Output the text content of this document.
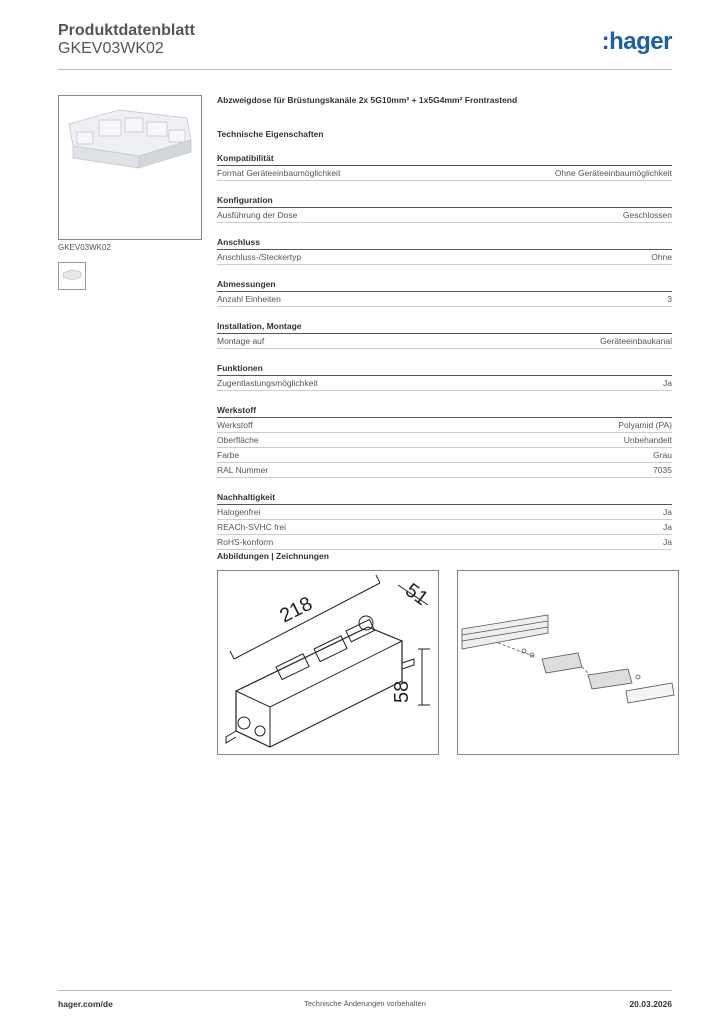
Produktdatenblatt
GKEV03WK02	:hager
GKEV03WK02
Abzweigdose für Brüstungskanäle 2x 5G10mm² + 1x5G4mm² Frontrastend
Technische Eigenschaften
Kompatibilität
Format Geräteeinbaumöglichkeit	Ohne Geräteeinbaumöglichkeit
Konfiguration
Ausführung der Dose	Geschlossen
Anschluss
Anschluss-/Steckertyp	Ohne
Abmessungen
Anzahl Einheiten	3
Installation, Montage
Montage auf	Geräteeinbaukanal
Funktionen
Zugentlastungsmöglichkeit	Ja
Werkstoff
Werkstoff	Polyamid (PA)
Oberfläche	Unbehandelt
Farbe	Grau
RAL Nummer	7035
Nachhaltigkeit
Halogenfrei	Ja
REACh-SVHC frei	Ja
RoHS-konform	Ja
Abbildungen | Zeichnungen
218	51
58
Technische Änderungen vorbehalten
hager.com/de	20.03.2026
